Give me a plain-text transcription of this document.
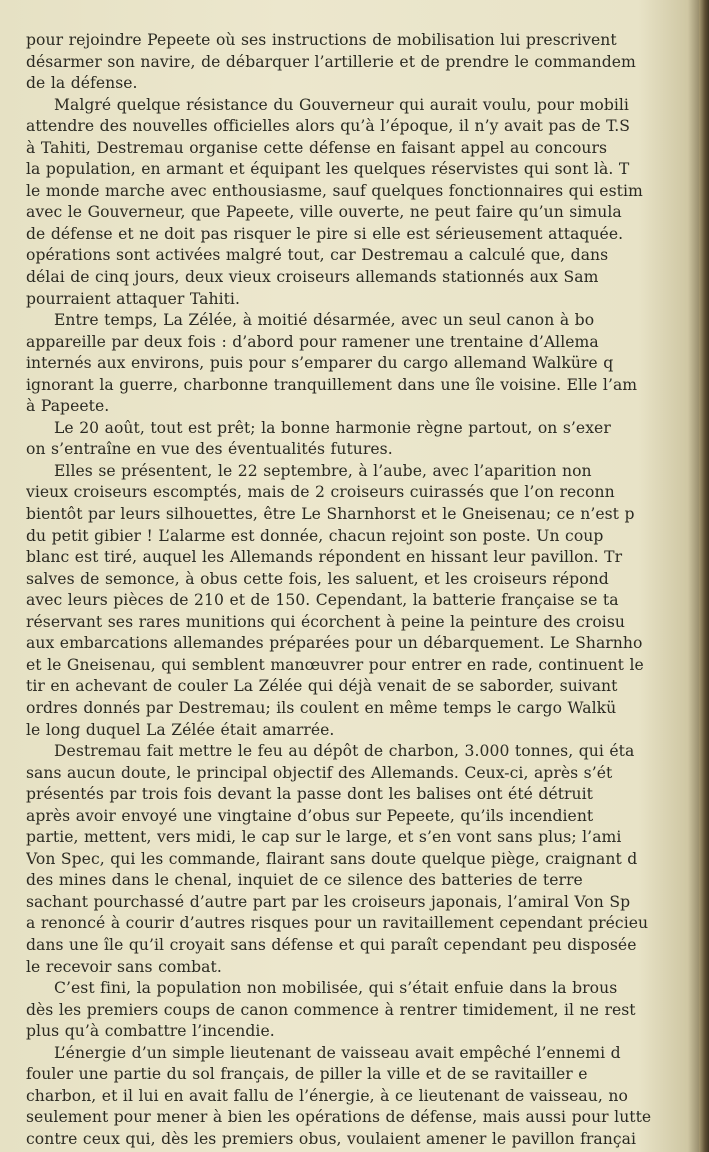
pour rejoindre Pepeete où ses instructions de mobilisation lui prescrivent
désarmer son navire, de débarquer l’artillerie et de prendre le commandem
de la défense.
Malgré quelque résistance du Gouverneur qui aurait voulu, pour mobili
attendre des nouvelles officielles alors qu’à l’époque, il n’y avait pas de T.S
à Tahiti, Destremau organise cette défense en faisant appel au concours
la population, en armant et équipant les quelques réservistes qui sont là. T
le monde marche avec enthousiasme, sauf quelques fonctionnaires qui estim
avec le Gouverneur, que Papeete, ville ouverte, ne peut faire qu’un simula
de défense et ne doit pas risquer le pire si elle est sérieusement attaquée.
opérations sont activées malgré tout, car Destremau a calculé que, dans
délai de cinq jours, deux vieux croiseurs allemands stationnés aux Sam
pourraient attaquer Tahiti.
Entre temps, La Zélée, à moitié désarmée, avec un seul canon à bo
appareille par deux fois : d’abord pour ramener une trentaine d’Allema
internés aux environs, puis pour s’emparer du cargo allemand Walküre q
ignorant la guerre, charbonne tranquillement dans une île voisine. Elle l’am
à Papeete.
Le 20 août, tout est prêt; la bonne harmonie règne partout, on s’exer
on s’entraîne en vue des éventualités futures.
Elles se présentent, le 22 septembre, à l’aube, avec l’aparition non
vieux croiseurs escomptés, mais de 2 croiseurs cuirassés que l’on reconn
bientôt par leurs silhouettes, être Le Sharnhorst et le Gneisenau; ce n’est p
du petit gibier ! L’alarme est donnée, chacun rejoint son poste. Un coup
blanc est tiré, auquel les Allemands répondent en hissant leur pavillon. Tr
salves de semonce, à obus cette fois, les saluent, et les croiseurs répond
avec leurs pièces de 210 et de 150. Cependant, la batterie française se ta
réservant ses rares munitions qui écorchent à peine la peinture des croisu
aux embarcations allemandes préparées pour un débarquement. Le Sharnho
et le Gneisenau, qui semblent manœuvrer pour entrer en rade, continuent le
tir en achevant de couler La Zélée qui déjà venait de se saborder, suivant
ordres donnés par Destremau; ils coulent en même temps le cargo Walkü
le long duquel La Zélée était amarrée.
Destremau fait mettre le feu au dépôt de charbon, 3.000 tonnes, qui éta
sans aucun doute, le principal objectif des Allemands. Ceux-ci, après s’ét
présentés par trois fois devant la passe dont les balises ont été détruit
après avoir envoyé une vingtaine d’obus sur Pepeete, qu’ils incendient
partie, mettent, vers midi, le cap sur le large, et s’en vont sans plus; l’ami
Von Spec, qui les commande, flairant sans doute quelque piège, craignant d
des mines dans le chenal, inquiet de ce silence des batteries de terre
sachant pourchassé d’autre part par les croiseurs japonais, l’amiral Von Sp
a renoncé à courir d’autres risques pour un ravitaillement cependant précieu
dans une île qu’il croyait sans défense et qui paraît cependant peu disposée
le recevoir sans combat.
C’est fini, la population non mobilisée, qui s’était enfuie dans la brous
dès les premiers coups de canon commence à rentrer timidement, il ne rest
plus qu’à combattre l’incendie.
L’énergie d’un simple lieutenant de vaisseau avait empêché l’ennemi d
fouler une partie du sol français, de piller la ville et de se ravitailler e
charbon, et il lui en avait fallu de l’énergie, à ce lieutenant de vaisseau, no
seulement pour mener à bien les opérations de défense, mais aussi pour lutte
contre ceux qui, dès les premiers obus, voulaient amener le pavillon françai
